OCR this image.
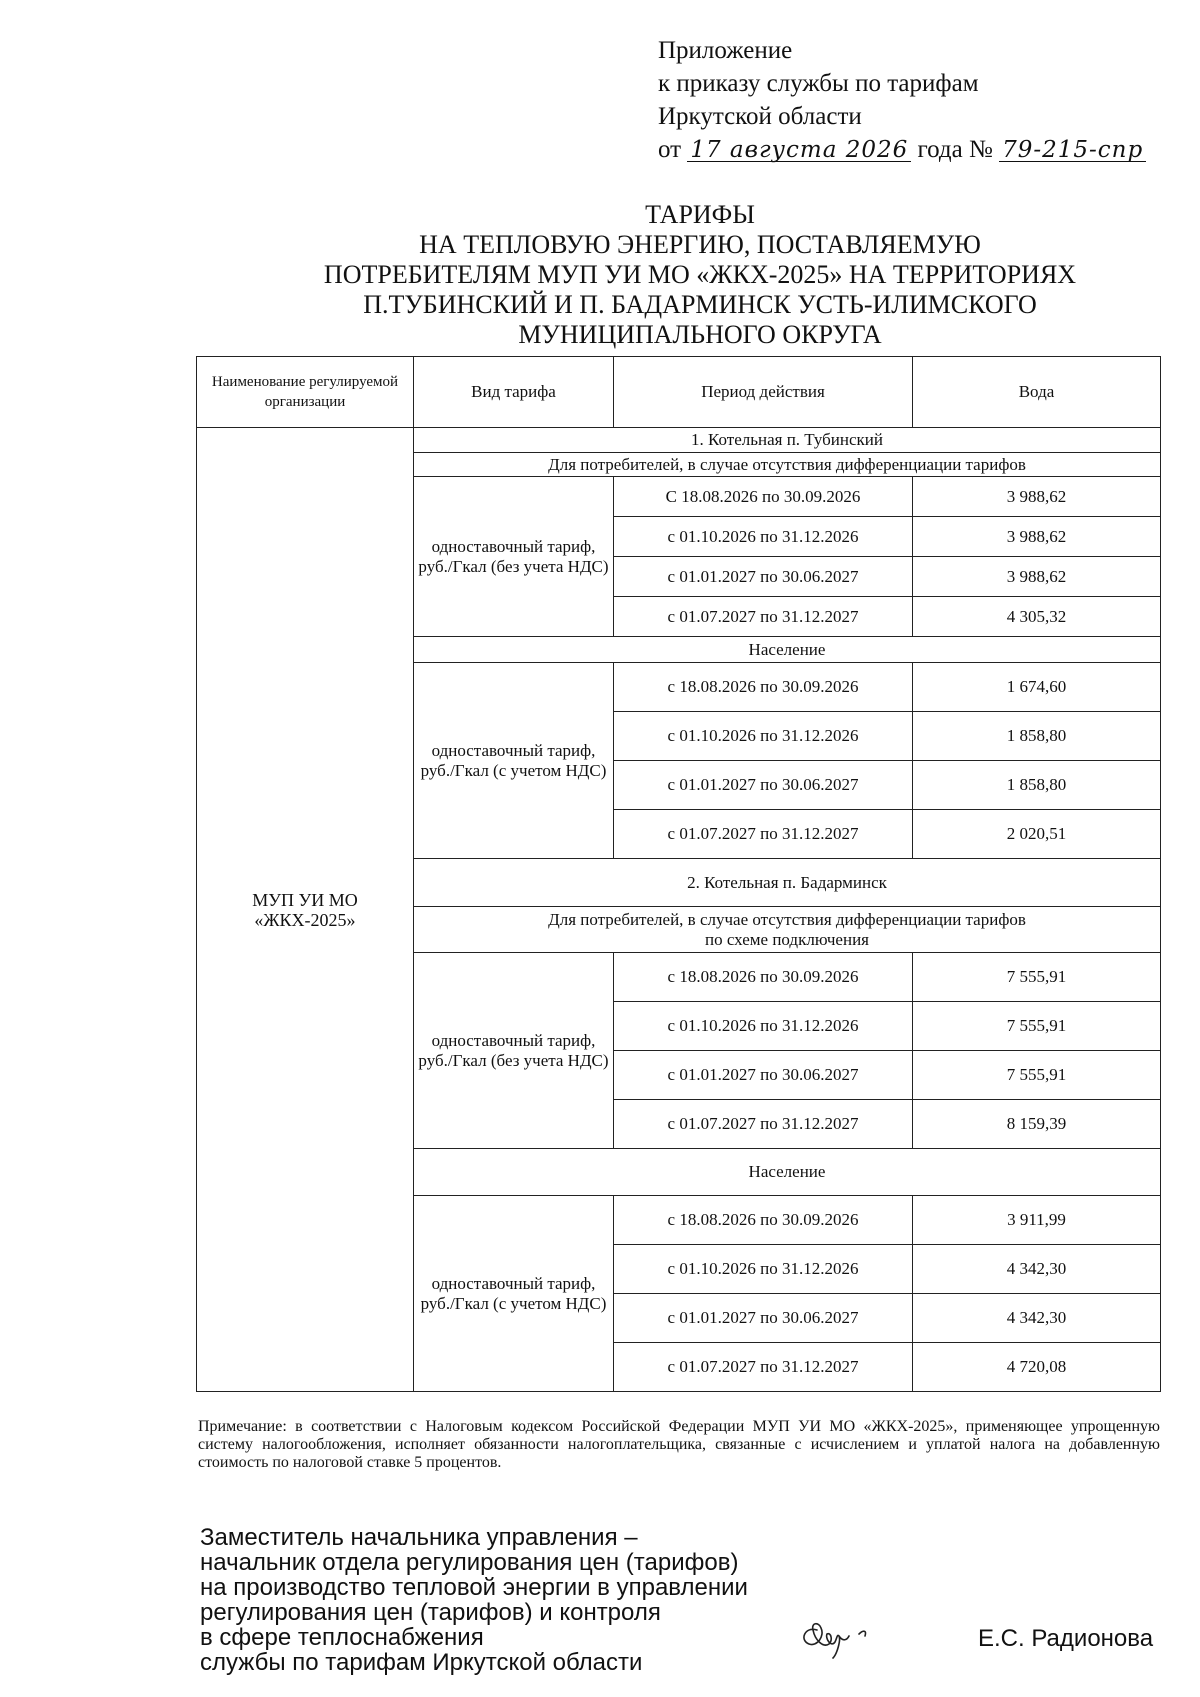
Приложение
к приказу службы по тарифам
Иркутской области
от 17 августа 2026 года № 79-215-спр
ТАРИФЫ
НА ТЕПЛОВУЮ ЭНЕРГИЮ, ПОСТАВЛЯЕМУЮ
ПОТРЕБИТЕЛЯМ МУП УИ МО «ЖКХ-2025» НА ТЕРРИТОРИЯХ
П.ТУБИНСКИЙ И П. БАДАРМИНСК УСТЬ-ИЛИМСКОГО
МУНИЦИПАЛЬНОГО ОКРУГА
Наименование регулируемой организации	Вид тарифа	Период действия	Вода
МУП УИ МО «ЖКХ-2025»	1. Котельная п. Тубинский		
	Для потребителей, в случае отсутствия дифференциации тарифов		
	одноставочный тариф, руб./Гкал (без учета НДС)	С 18.08.2026 по 30.09.2026	3 988,62
		с 01.10.2026 по 31.12.2026	3 988,62
		с 01.01.2027 по 30.06.2027	3 988,62
		с 01.07.2027 по 31.12.2027	4 305,32
	Население		
	одноставочный тариф, руб./Гкал (с учетом НДС)	с 18.08.2026 по 30.09.2026	1 674,60
		с 01.10.2026 по 31.12.2026	1 858,80
		с 01.01.2027 по 30.06.2027	1 858,80
		с 01.07.2027 по 31.12.2027	2 020,51
	2. Котельная п. Бадарминск		

	Для потребителей, в случае отсутствия дифференциации тарифов
по схеме подключения		

	одноставочный тариф, руб./Гкал (без учета НДС)	с 18.08.2026 по 30.09.2026	7 555,91
		с 01.10.2026 по 31.12.2026	7 555,91
		с 01.01.2027 по 30.06.2027	7 555,91
		с 01.07.2027 по 31.12.2027	8 159,39
	Население		
	одноставочный тариф, руб./Гкал (с учетом НДС)	с 18.08.2026 по 30.09.2026	3 911,99
		с 01.10.2026 по 31.12.2026	4 342,30
		с 01.01.2027 по 30.06.2027	4 342,30
		с 01.07.2027 по 31.12.2027	4 720,08
Примечание: в соответствии с Налоговым кодексом Российской Федерации МУП УИ МО «ЖКХ-2025», применяющее упрощенную систему налогообложения, исполняет обязанности налогоплательщика, связанные с исчислением и уплатой налога на добавленную стоимость по налоговой ставке 5 процентов.
Заместитель начальника управления –
начальник отдела регулирования цен (тарифов)
на производство тепловой энергии в управлении
регулирования цен (тарифов) и контроля
в сфере теплоснабжения
службы по тарифам Иркутской области
Е.С. Радионова
